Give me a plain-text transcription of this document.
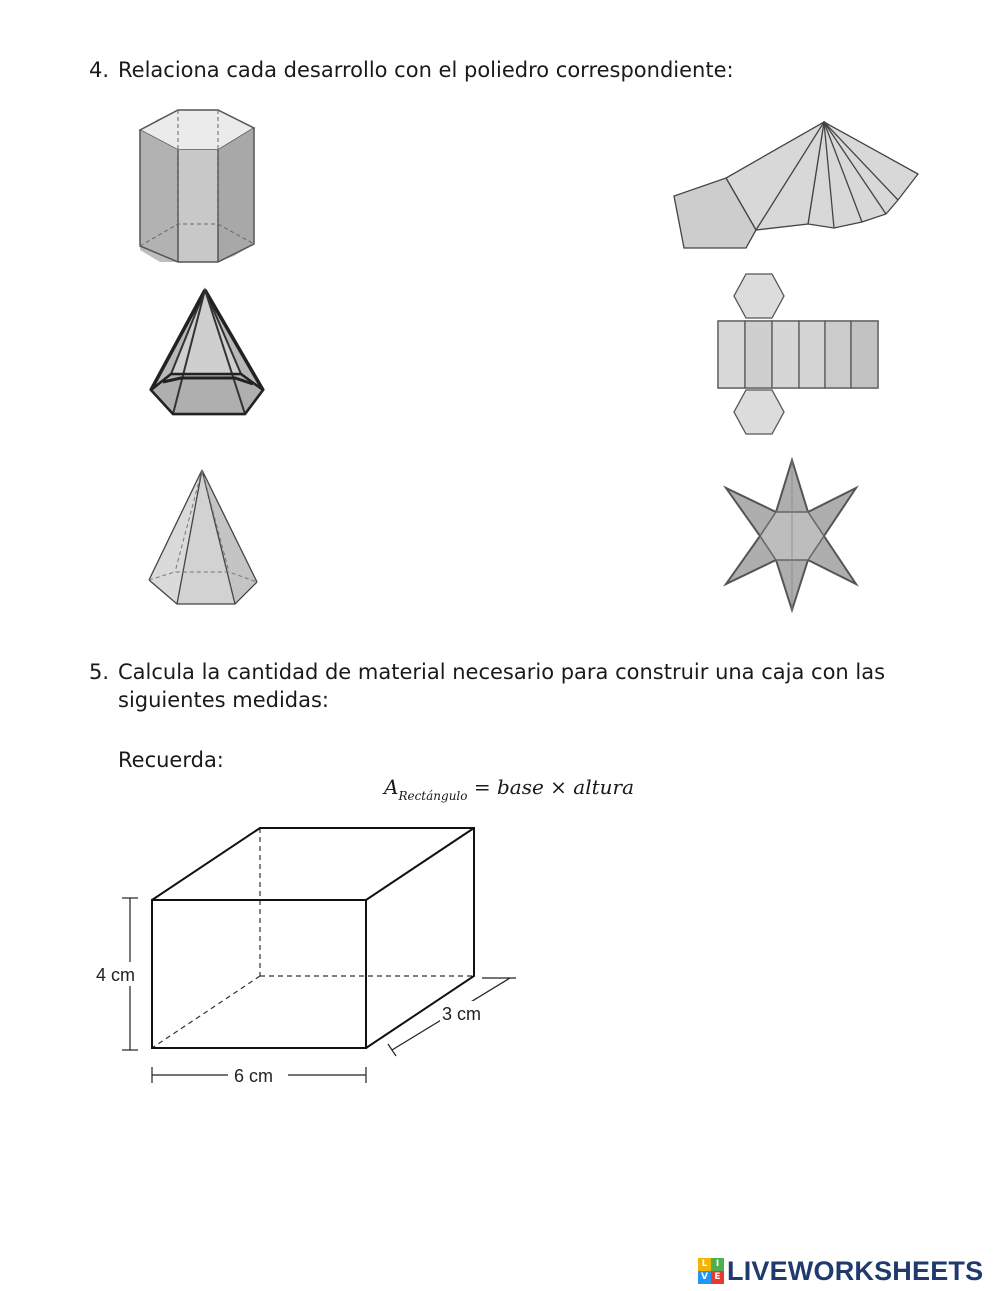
4. Relaciona cada desarrollo con el poliedro correspondiente:
5. Calcula la cantidad de material necesario para construir una caja con las siguientes medidas:
Recuerda:
$A_{Rectángulo}$ = base × altura
4 cm
6 cm
3 cm
L I
V E LIVEWORKSHEETS
